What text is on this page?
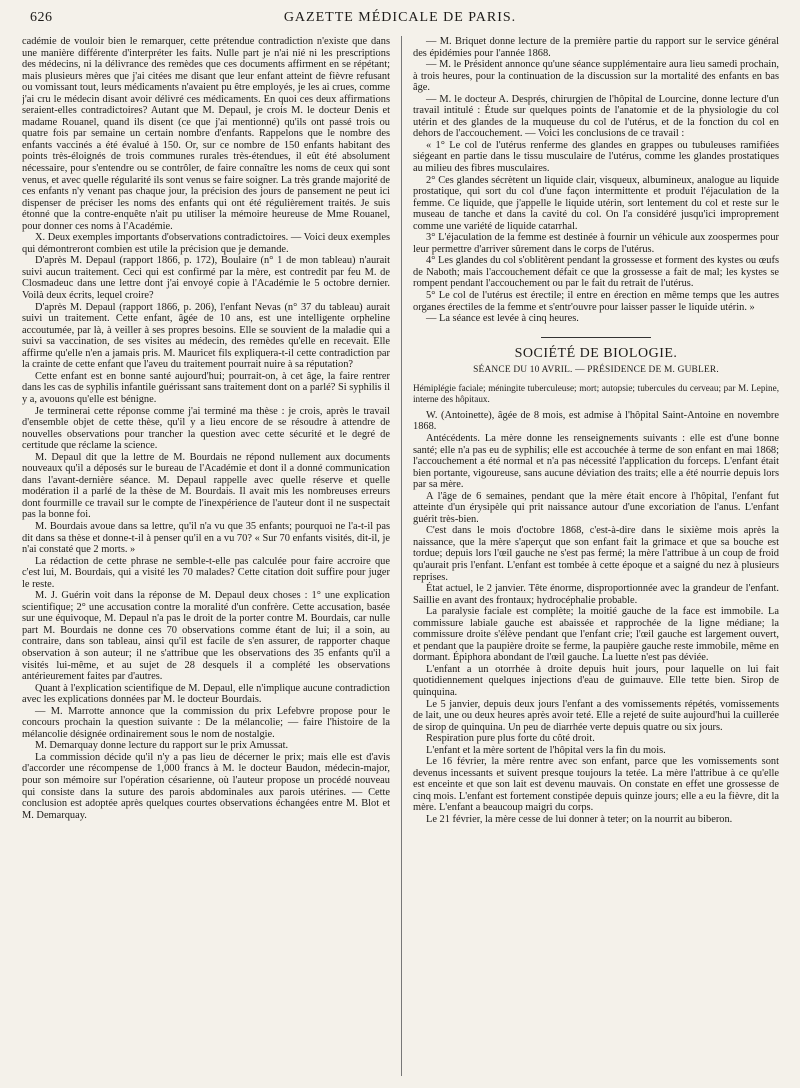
626	GAZETTE MÉDICALE DE PARIS.

cadémie de vouloir bien le remarquer, cette prétendue contradiction n'existe que dans une manière différente d'interpréter les faits. Nulle part je n'ai nié ni les prescriptions des médecins, ni la délivrance des remèdes que ces documents affirment en se répétant; mais plusieurs mères que j'ai citées me disant que leur enfant atteint de fièvre refusant ou vomissant tout, leurs médicaments n'avaient pu être employés, je les ai crues, comme j'ai cru le médecin disant avoir délivré ces médicaments. En quoi ces deux affirmations seraient-elles contradictoires? Autant que M. Depaul, je crois M. le docteur Denis et madame Rouanel, quand ils disent (ce que j'ai mentionné) qu'ils ont passé trois ou quatre fois par semaine un certain nombre d'enfants. Rappelons que le nombre des enfants vaccinés a été évalué à 150. Or, sur ce nombre de 150 enfants habitant des points très-éloignés de trois communes rurales très-étendues, il eût été absolument nécessaire, pour s'entendre ou se contrôler, de faire connaître les noms de ceux qui sont venus, et avec quelle régularité ils sont venus se faire soigner. La très grande majorité de ces enfants n'y venant pas chaque jour, la précision des jours de pansement ne peut ici dispenser de préciser les noms des enfants qui ont été régulièrement traités. Je suis étonné que la contre-enquête n'ait pu utiliser la mémoire heureuse de Mme Rouanel, pour donner ces noms à l'Académie.

X. Deux exemples importants d'observations contradictoires. — Voici deux exemples qui démontreront combien est utile la précision que je demande.

D'après M. Depaul (rapport 1866, p. 172), Boulaire (n° 1 de mon tableau) n'aurait suivi aucun traitement. Ceci qui est confirmé par la mère, est contredit par feu M. de Closmadeuc dans une lettre dont j'ai envoyé copie à l'Académie le 5 octobre dernier. Voilà deux écrits, lequel croire?

D'après M. Depaul (rapport 1866, p. 206), l'enfant Nevas (n° 37 du tableau) aurait suivi un traitement. Cette enfant, âgée de 10 ans, est une intelligente orpheline accoutumée, par là, à veiller à ses propres besoins. Elle se souvient de la maladie qui a suivi sa vaccination, de ses visites au médecin, des remèdes qu'elle en recevait. Elle affirme qu'elle n'en a jamais pris. M. Mauricet fils expliquera-t-il cette contradiction par la crainte de cette enfant que l'aveu du traitement pourrait nuire à sa réputation?

Cette enfant est en bonne santé aujourd'hui; pourrait-on, à cet âge, la faire rentrer dans les cas de syphilis infantile guérissant sans traitement dont on a parlé? Si syphilis il y a, avouons qu'elle est bénigne.

Je terminerai cette réponse comme j'ai terminé ma thèse : je crois, après le travail d'ensemble objet de cette thèse, qu'il y a lieu encore de se résoudre à attendre de nouvelles observations pour trancher la question avec cette sécurité et le degré de certitude que réclame la science.

M. Depaul dit que la lettre de M. Bourdais ne répond nullement aux documents nouveaux qu'il a déposés sur le bureau de l'Académie et dont il a donné communication dans l'avant-dernière séance. M. Depaul rappelle avec quelle réserve et quelle modération il a parlé de la thèse de M. Bourdais. Il avait mis les nombreuses erreurs dont fourmille ce travail sur le compte de l'inexpérience de l'auteur dont il ne suspectait pas la bonne foi.

M. Bourdais avoue dans sa lettre, qu'il n'a vu que 35 enfants; pourquoi ne l'a-t-il pas dit dans sa thèse et donne-t-il à penser qu'il en a vu 70? « Sur 70 enfants visités, dit-il, je n'ai constaté que 2 morts. »

La rédaction de cette phrase ne semble-t-elle pas calculée pour faire accroire que c'est lui, M. Bourdais, qui a visité les 70 malades? Cette citation doit suffire pour juger le reste.

M. J. Guérin voit dans la réponse de M. Depaul deux choses : 1° une explication scientifique; 2° une accusation contre la moralité d'un confrère. Cette accusation, basée sur une équivoque, M. Depaul n'a pas le droit de la porter contre M. Bourdais, car nulle part M. Bourdais ne donne ces 70 observations comme étant de lui; il a soin, au contraire, dans son tableau, ainsi qu'il est facile de s'en assurer, de rapporter chaque observation à son auteur; il ne s'attribue que les observations des 35 enfants qu'il a visités lui-même, et au sujet de 28 desquels il a complété les observations antérieurement faites par d'autres.

Quant à l'explication scientifique de M. Depaul, elle n'implique aucune contradiction avec les explications données par M. le docteur Bourdais.

— M. Marrotte annonce que la commission du prix Lefebvre propose pour le concours prochain la question suivante : De la mélancolie; — faire l'histoire de la mélancolie désignée ordinairement sous le nom de nostalgie.

M. Demarquay donne lecture du rapport sur le prix Amussat.

La commission décide qu'il n'y a pas lieu de décerner le prix; mais elle est d'avis d'accorder une récompense de 1,000 francs à M. le docteur Baudon, médecin-major, pour son mémoire sur l'opération césarienne, où l'auteur propose un procédé nouveau qui consiste dans la suture des parois abdominales aux parois utérines. — Cette conclusion est adoptée après quelques courtes observations échangées entre M. Blot et M. Demarquay.

— M. Briquet donne lecture de la première partie du rapport sur le service général des épidémies pour l'année 1868.

— M. le Président annonce qu'une séance supplémentaire aura lieu samedi prochain, à trois heures, pour la continuation de la discussion sur la mortalité des enfants en bas âge.

— M. le docteur A. Després, chirurgien de l'hôpital de Lourcine, donne lecture d'un travail intitulé : Étude sur quelques points de l'anatomie et de la physiologie du col utérin et des glandes de la muqueuse du col de l'utérus, et de la fonction du col en dehors de l'accouchement. — Voici les conclusions de ce travail :

« 1° Le col de l'utérus renferme des glandes en grappes ou tubuleuses ramifiées siégeant en partie dans le tissu musculaire de l'utérus, comme les glandes prostatiques au milieu des fibres musculaires.

2° Ces glandes sécrètent un liquide clair, visqueux, albumineux, analogue au liquide prostatique, qui sort du col d'une façon intermittente et produit l'éjaculation de la femme. Ce liquide, que j'appelle le liquide utérin, sort lentement du col et reste sur le museau de tanche et dans la cavité du col. On l'a considéré jusqu'ici improprement comme une variété de liquide catarrhal.

3° L'éjaculation de la femme est destinée à fournir un véhicule aux zoospermes pour leur permettre d'arriver sûrement dans le corps de l'utérus.

4° Les glandes du col s'oblitèrent pendant la grossesse et forment des kystes ou œufs de Naboth; mais l'accouchement défait ce que la grossesse a fait de mal; les kystes se rompent pendant l'accouchement ou par le fait du retrait de l'utérus.

5° Le col de l'utérus est érectile; il entre en érection en même temps que les autres organes érectiles de la femme et s'entr'ouvre pour laisser passer le liquide utérin. »

— La séance est levée à cinq heures.

SOCIÉTÉ DE BIOLOGIE.
SÉANCE DU 10 AVRIL. — PRÉSIDENCE DE M. GUBLER.

Hémiplégie faciale; méningite tuberculeuse; mort; autopsie; tubercules du cerveau; par M. Lepine, interne des hôpitaux.

W. (Antoinette), âgée de 8 mois, est admise à l'hôpital Saint-Antoine en novembre 1868.

Antécédents. La mère donne les renseignements suivants : elle est d'une bonne santé; elle n'a pas eu de syphilis; elle est accouchée à terme de son enfant en mai 1868; l'accouchement a été normal et n'a pas nécessité l'application du forceps. L'enfant était bien portante, vigoureuse, sans aucune déviation des traits; elle a été nourrie depuis lors par sa mère.

A l'âge de 6 semaines, pendant que la mère était encore à l'hôpital, l'enfant fut atteinte d'un érysipèle qui prit naissance autour d'une excoriation de l'anus. L'enfant guérit très-bien.

C'est dans le mois d'octobre 1868, c'est-à-dire dans le sixième mois après la naissance, que la mère s'aperçut que son enfant fait la grimace et que sa bouche est tordue; depuis lors l'œil gauche ne s'est pas fermé; la mère l'attribue à un coup de froid qu'aurait pris l'enfant. L'enfant est tombée à cette époque et a saigné du nez à plusieurs reprises.

État actuel, le 2 janvier. Tête énorme, disproportionnée avec la grandeur de l'enfant. Saillie en avant des frontaux; hydrocéphalie probable.

La paralysie faciale est complète; la moitié gauche de la face est immobile. La commissure labiale gauche est abaissée et rapprochée de la ligne médiane; la commissure droite s'élève pendant que l'enfant crie; l'œil gauche est largement ouvert, et pendant que la paupière droite se ferme, la paupière gauche reste immobile, même en dormant. Épiphora abondant de l'œil gauche. La luette n'est pas déviée.

L'enfant a un otorrhée à droite depuis huit jours, pour laquelle on lui fait quotidiennement quelques injections d'eau de guimauve. Elle tette bien. Sirop de quinquina.

Le 5 janvier, depuis deux jours l'enfant a des vomissements répétés, vomissements de lait, une ou deux heures après avoir teté. Elle a rejeté de suite aujourd'hui la cuillerée de sirop de quinquina. Un peu de diarrhée verte depuis quatre ou six jours.

Respiration pure plus forte du côté droit.

L'enfant et la mère sortent de l'hôpital vers la fin du mois.

Le 16 février, la mère rentre avec son enfant, parce que les vomissements sont devenus incessants et suivent presque toujours la tetée. La mère l'attribue à ce qu'elle est enceinte et que son lait est devenu mauvais. On constate en effet une grossesse de cinq mois. L'enfant est fortement constipée depuis quinze jours; elle a eu la fièvre, dit la mère. L'enfant a beaucoup maigri du corps.

Le 21 février, la mère cesse de lui donner à teter; on la nourrit au biberon.
